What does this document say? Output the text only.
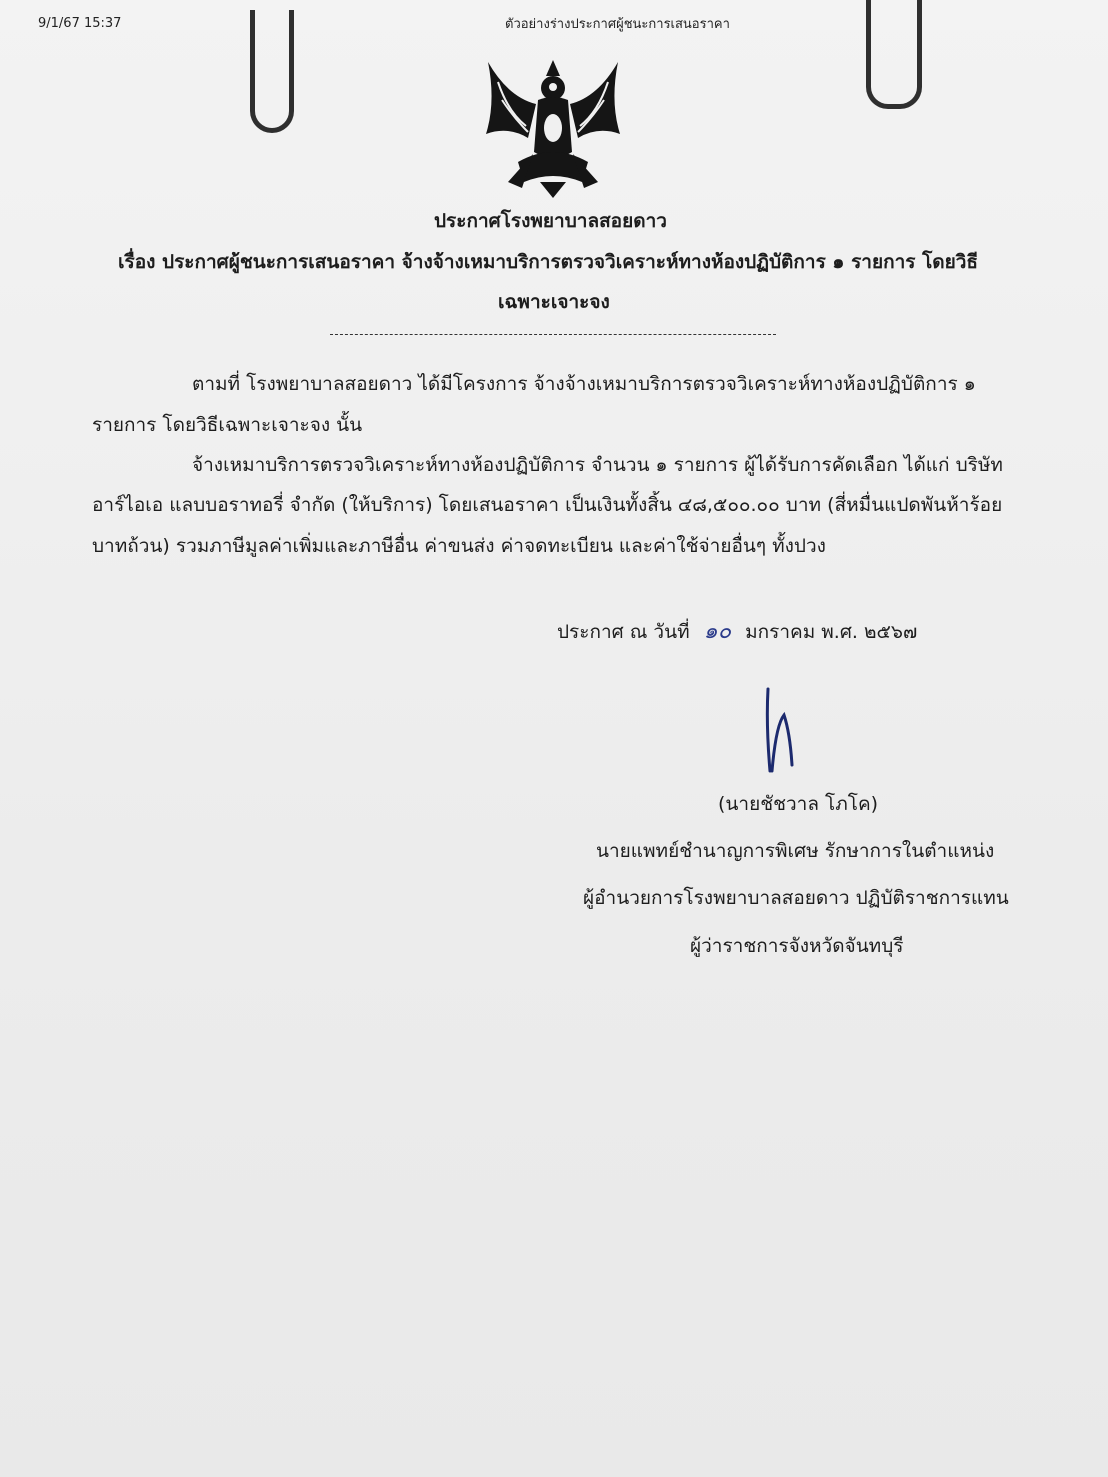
9/1/67 15:37	ตัวอย่างร่างประกาศผู้ชนะการเสนอราคา
ประกาศโรงพยาบาลสอยดาว
เรื่อง ประกาศผู้ชนะการเสนอราคา จ้างจ้างเหมาบริการตรวจวิเคราะห์ทางห้องปฏิบัติการ ๑ รายการ โดยวิธี
เฉพาะเจาะจง
ตามที่ โรงพยาบาลสอยดาว ได้มีโครงการ จ้างจ้างเหมาบริการตรวจวิเคราะห์ทางห้องปฏิบัติการ ๑
รายการ โดยวิธีเฉพาะเจาะจง นั้น
จ้างเหมาบริการตรวจวิเคราะห์ทางห้องปฏิบัติการ จำนวน ๑ รายการ ผู้ได้รับการคัดเลือก ได้แก่ บริษัท
อาร์ไอเอ แลบบอราทอรี่ จำกัด (ให้บริการ) โดยเสนอราคา เป็นเงินทั้งสิ้น ๔๘,๕๐๐.๐๐ บาท (สี่หมื่นแปดพันห้าร้อย
บาทถ้วน) รวมภาษีมูลค่าเพิ่มและภาษีอื่น ค่าขนส่ง ค่าจดทะเบียน และค่าใช้จ่ายอื่นๆ ทั้งปวง
ประกาศ ณ วันที่ ๑๐ มกราคม พ.ศ. ๒๕๖๗
(นายชัชวาล โภโค)
นายแพทย์ชำนาญการพิเศษ รักษาการในตำแหน่ง
ผู้อำนวยการโรงพยาบาลสอยดาว ปฏิบัติราชการแทน
ผู้ว่าราชการจังหวัดจันทบุรี
